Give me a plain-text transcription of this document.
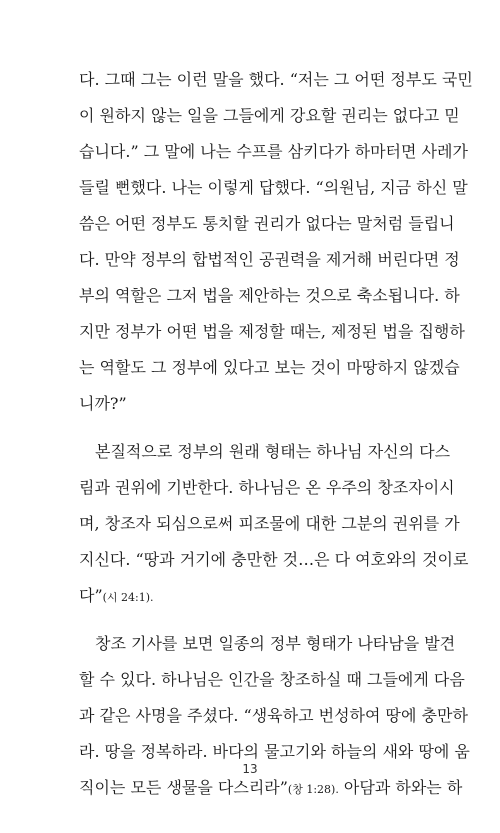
다. 그때 그는 이런 말을 했다. “저는 그 어떤 정부도 국민
이 원하지 않는 일을 그들에게 강요할 권리는 없다고 믿
습니다.” 그 말에 나는 수프를 삼키다가 하마터면 사레가
들릴 뻔했다. 나는 이렇게 답했다. “의원님, 지금 하신 말
씀은 어떤 정부도 통치할 권리가 없다는 말처럼 들립니
다. 만약 정부의 합법적인 공권력을 제거해 버린다면 정
부의 역할은 그저 법을 제안하는 것으로 축소됩니다. 하
지만 정부가 어떤 법을 제정할 때는, 제정된 법을 집행하
는 역할도 그 정부에 있다고 보는 것이 마땅하지 않겠습
니까?”
본질적으로 정부의 원래 형태는 하나님 자신의 다스
림과 권위에 기반한다. 하나님은 온 우주의 창조자이시
며, 창조자 되심으로써 피조물에 대한 그분의 권위를 가
지신다. “땅과 거기에 충만한 것…은 다 여호와의 것이로
다”(시 24:1).
창조 기사를 보면 일종의 정부 형태가 나타남을 발견
할 수 있다. 하나님은 인간을 창조하실 때 그들에게 다음
과 같은 사명을 주셨다. “생육하고 번성하여 땅에 충만하
라. 땅을 정복하라. 바다의 물고기와 하늘의 새와 땅에 움
직이는 모든 생물을 다스리라”(창 1:28). 아담과 하와는 하
13
